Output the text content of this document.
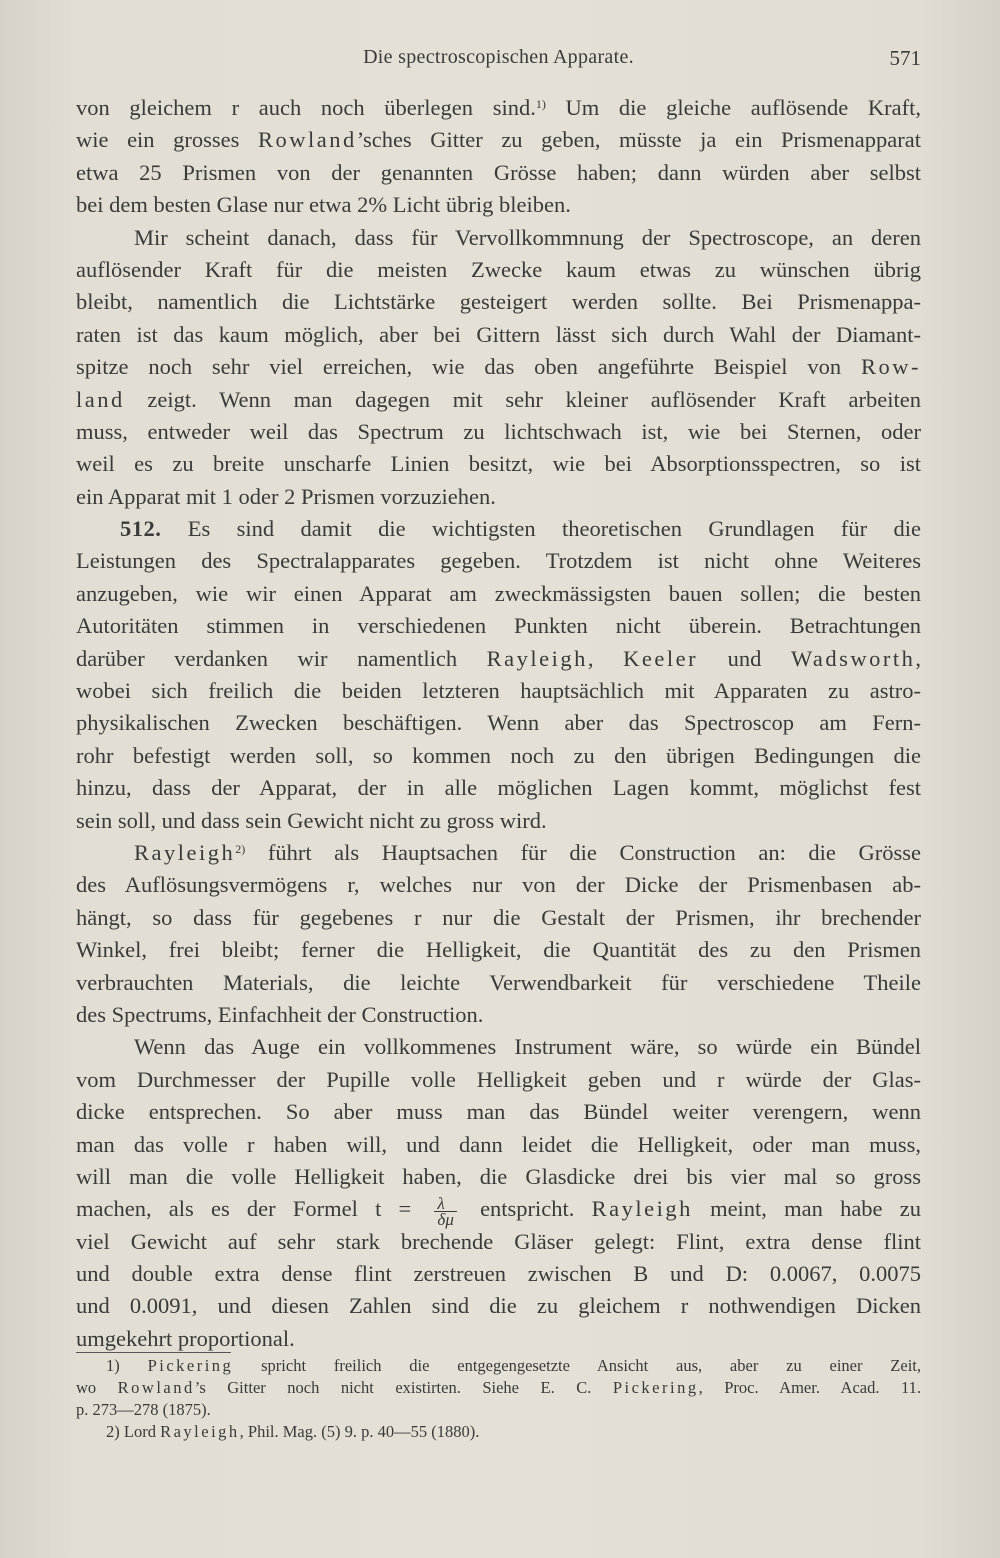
Die spectroscopischen Apparate.	571
von gleichem r auch noch überlegen sind.$^{1)}$ Um die gleiche auflösende Kraft,
wie ein grosses Rowland’sches Gitter zu geben, müsste ja ein Prismenapparat
etwa 25 Prismen von der genannten Grösse haben; dann würden aber selbst
bei dem besten Glase nur etwa 2% Licht übrig bleiben.
Mir scheint danach, dass für Vervollkommnung der Spectroscope, an deren
auflösender Kraft für die meisten Zwecke kaum etwas zu wünschen übrig
bleibt, namentlich die Lichtstärke gesteigert werden sollte. Bei Prismenappa-
raten ist das kaum möglich, aber bei Gittern lässt sich durch Wahl der Diamant-
spitze noch sehr viel erreichen, wie das oben angeführte Beispiel von Row-
land zeigt. Wenn man dagegen mit sehr kleiner auflösender Kraft arbeiten
muss, entweder weil das Spectrum zu lichtschwach ist, wie bei Sternen, oder
weil es zu breite unscharfe Linien besitzt, wie bei Absorptionsspectren, so ist
ein Apparat mit 1 oder 2 Prismen vorzuziehen.
512. Es sind damit die wichtigsten theoretischen Grundlagen für die
Leistungen des Spectralapparates gegeben. Trotzdem ist nicht ohne Weiteres
anzugeben, wie wir einen Apparat am zweckmässigsten bauen sollen; die besten
Autoritäten stimmen in verschiedenen Punkten nicht überein. Betrachtungen
darüber verdanken wir namentlich Rayleigh, Keeler und Wadsworth,
wobei sich freilich die beiden letzteren hauptsächlich mit Apparaten zu astro-
physikalischen Zwecken beschäftigen. Wenn aber das Spectroscop am Fern-
rohr befestigt werden soll, so kommen noch zu den übrigen Bedingungen die
hinzu, dass der Apparat, der in alle möglichen Lagen kommt, möglichst fest
sein soll, und dass sein Gewicht nicht zu gross wird.
Rayleigh$^{2)}$ führt als Hauptsachen für die Construction an: die Grösse
des Auflösungsvermögens r, welches nur von der Dicke der Prismenbasen ab-
hängt, so dass für gegebenes r nur die Gestalt der Prismen, ihr brechender
Winkel, frei bleibt; ferner die Helligkeit, die Quantität des zu den Prismen
verbrauchten Materials, die leichte Verwendbarkeit für verschiedene Theile
des Spectrums, Einfachheit der Construction.
Wenn das Auge ein vollkommenes Instrument wäre, so würde ein Bündel
vom Durchmesser der Pupille volle Helligkeit geben und r würde der Glas-
dicke entsprechen. So aber muss man das Bündel weiter verengern, wenn
man das volle r haben will, und dann leidet die Helligkeit, oder man muss,
will man die volle Helligkeit haben, die Glasdicke drei bis vier mal so gross
machen, als es der Formel $t = \frac{\lambda}{\delta\mu}$ entspricht. Rayleigh meint, man habe zu
viel Gewicht auf sehr stark brechende Gläser gelegt: Flint, extra dense flint
und double extra dense flint zerstreuen zwischen B und D: 0.0067, 0.0075
und 0.0091, und diesen Zahlen sind die zu gleichem r nothwendigen Dicken
umgekehrt proportional.
1) Pickering spricht freilich die entgegengesetzte Ansicht aus, aber zu einer Zeit,
wo Rowland’s Gitter noch nicht existirten. Siehe E. C. Pickering, Proc. Amer. Acad. 11.
p. 273—278 (1875).
2) Lord Rayleigh, Phil. Mag. (5) 9. p. 40—55 (1880).
